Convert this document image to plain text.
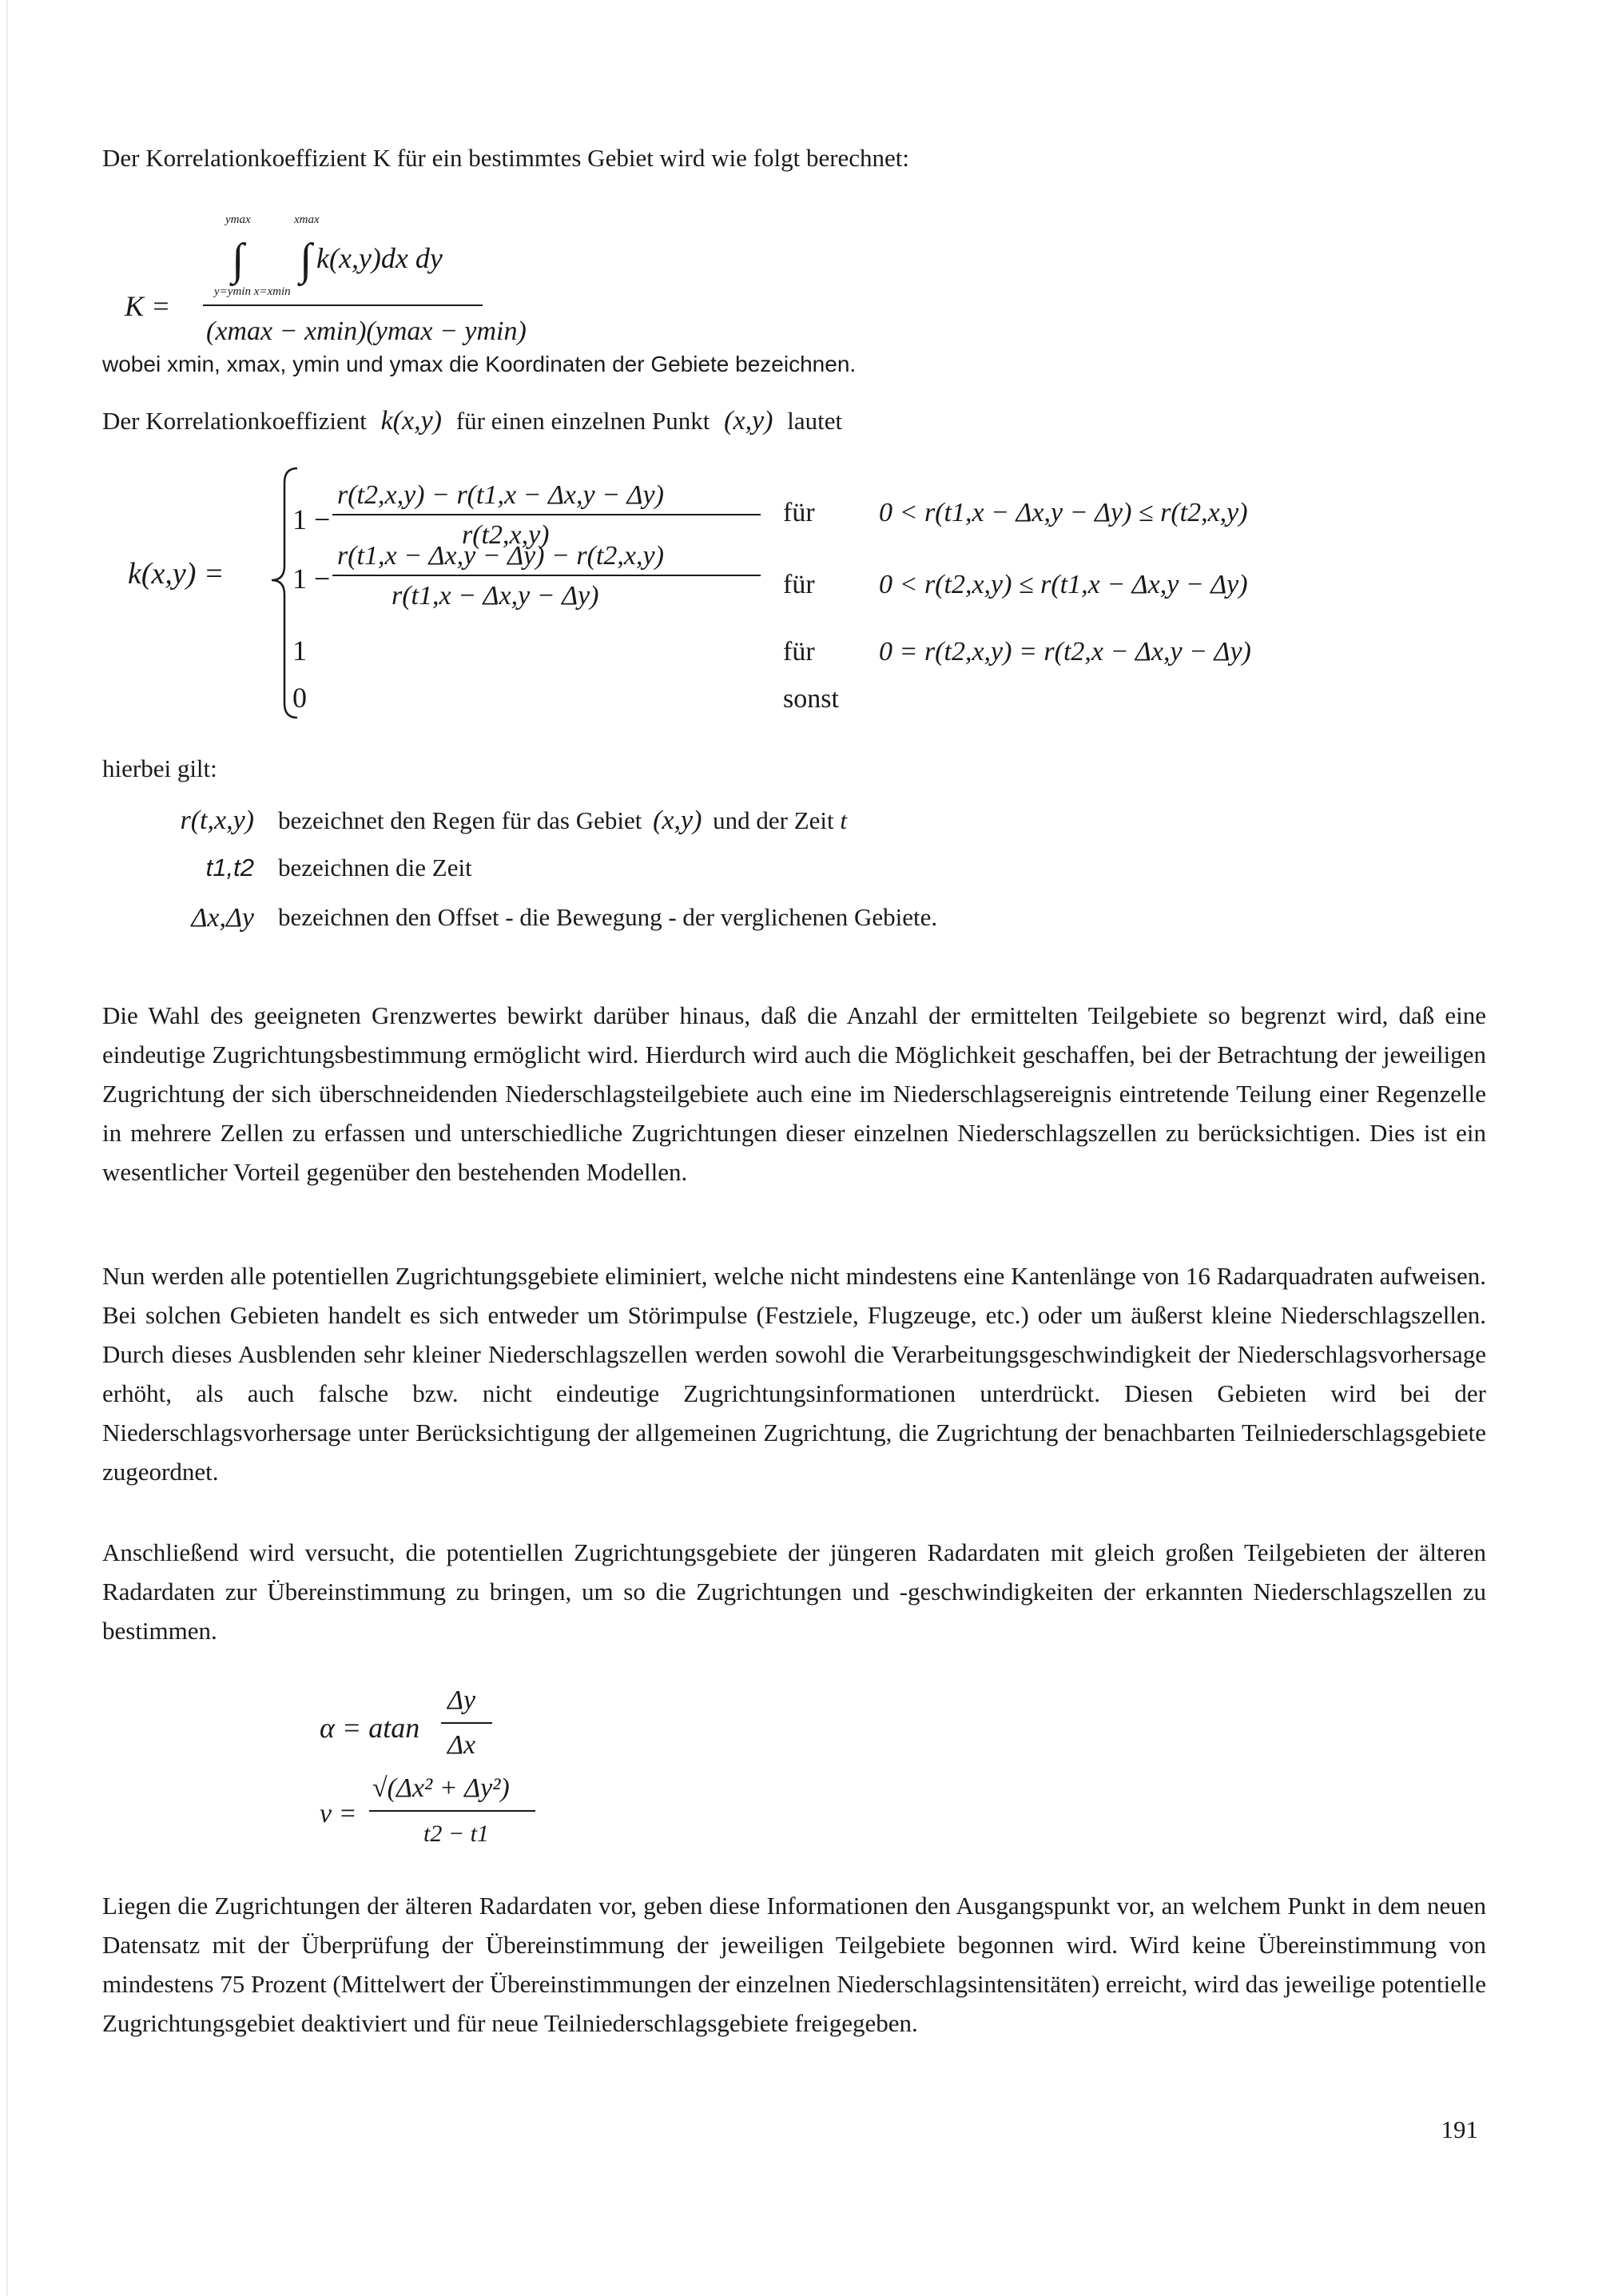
Der Korrelationkoeffizient K für ein bestimmtes Gebiet wird wie folgt berechnet:
ymax	xmax
∫ ∫ k(x,y)dx dy
y=ymin x=xmin
K =
(xmax − xmin)(ymax − ymin)
wobei xmin, xmax, ymin und ymax die Koordinaten der Gebiete bezeichnen.
Der Korrelationkoeffizient k(x,y) für einen einzelnen Punkt (x,y) lautet
k(x,y) =
1 −
r(t2,x,y) − r(t1,x − Δx,y − Δy)
r(t2,x,y)
für 0 < r(t1,x − Δx,y − Δy) ≤ r(t2,x,y)
1 −
r(t1,x − Δx,y − Δy) − r(t2,x,y)
r(t1,x − Δx,y − Δy)	für 0 < r(t2,x,y) ≤ r(t1,x − Δx,y − Δy)
1	für 0 = r(t2,x,y) = r(t2,x − Δx,y − Δy)
0	sonst
hierbei gilt:
r(t,x,y) bezeichnet den Regen für das Gebiet (x,y) und der Zeit t
t1,t2 bezeichnen die Zeit
Δx,Δy bezeichnen den Offset - die Bewegung - der verglichenen Gebiete.
Die Wahl des geeigneten Grenzwertes bewirkt darüber hinaus, daß die Anzahl der ermittelten Teilgebiete so begrenzt wird, daß eine eindeutige Zugrichtungsbestimmung ermöglicht wird. Hierdurch wird auch die Möglichkeit geschaffen, bei der Betrachtung der jeweiligen Zugrichtung der sich überschneidenden Niederschlagsteilgebiete auch eine im Niederschlagsereignis eintretende Teilung einer Regenzelle in mehrere Zellen zu erfassen und unterschiedliche Zugrichtungen dieser einzelnen Niederschlagszellen zu berücksichtigen. Dies ist ein wesentlicher Vorteil gegenüber den bestehenden Modellen.
Nun werden alle potentiellen Zugrichtungsgebiete eliminiert, welche nicht mindestens eine Kantenlänge von 16 Radarquadraten aufweisen. Bei solchen Gebieten handelt es sich entweder um Störimpulse (Festziele, Flugzeuge, etc.) oder um äußerst kleine Niederschlagszellen. Durch dieses Ausblenden sehr kleiner Niederschlagszellen werden sowohl die Verarbeitungsgeschwindigkeit der Niederschlagsvorhersage erhöht, als auch falsche bzw. nicht eindeutige Zugrichtungsinformationen unterdrückt. Diesen Gebieten wird bei der Niederschlagsvorhersage unter Berücksichtigung der allgemeinen Zugrichtung, die Zugrichtung der benachbarten Teilniederschlagsgebiete zugeordnet.
Anschließend wird versucht, die potentiellen Zugrichtungsgebiete der jüngeren Radardaten mit gleich großen Teilgebieten der älteren Radardaten zur Übereinstimmung zu bringen, um so die Zugrichtungen und -geschwindigkeiten der erkannten Niederschlagszellen zu bestimmen.
α = atan
Δy
Δx
v =
√(Δx² + Δy²)
t2 − t1
Liegen die Zugrichtungen der älteren Radardaten vor, geben diese Informationen den Ausgangspunkt vor, an welchem Punkt in dem neuen Datensatz mit der Überprüfung der Übereinstimmung der jeweiligen Teilgebiete begonnen wird. Wird keine Übereinstimmung von mindestens 75 Prozent (Mittelwert der Übereinstimmungen der einzelnen Niederschlagsintensitäten) erreicht, wird das jeweilige potentielle Zugrichtungsgebiet deaktiviert und für neue Teilniederschlagsgebiete freigegeben.
191
